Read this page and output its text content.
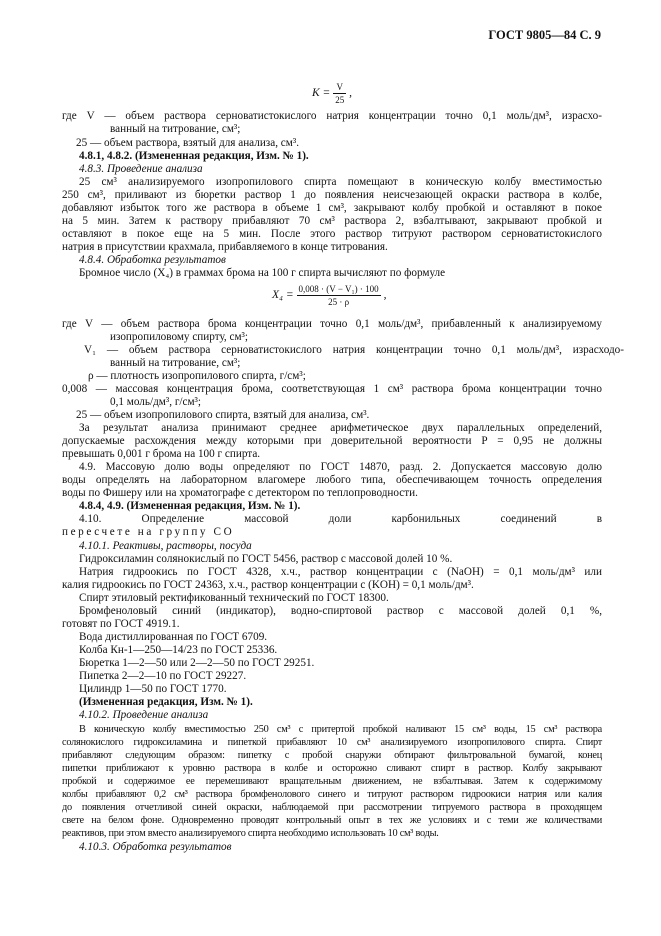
ГОСТ 9805—84 С. 9
$K = \frac{V}{25}$ ,
где V — объем раствора серноватистокислого натрия концентрации точно 0,1 моль/дм³, израсхо-
ванный на титрование, см³;
25 — объем раствора, взятый для анализа, см³.
4.8.1, 4.8.2. (Измененная редакция, Изм. № 1).
4.8.3. Проведение анализа
25 см³ анализируемого изопропилового спирта помещают в коническую колбу вместимостью
250 см³, приливают из бюретки раствор 1 до появления неисчезающей окраски раствора в колбе,
добавляют избыток того же раствора в объеме 1 см³, закрывают колбу пробкой и оставляют в покое
на 5 мин. Затем к раствору прибавляют 70 см³ раствора 2, взбалтывают, закрывают пробкой и
оставляют в покое еще на 5 мин. После этого раствор титруют раствором серноватистокислого
натрия в присутствии крахмала, прибавляемого в конце титрования.
4.8.4. Обработка результатов
Бромное число (X₄) в граммах брома на 100 г спирта вычисляют по формуле
$X_4 = \frac{\text{0,008 · (V − V₁) · 100}}{25 \cdot \rho}$ ,
где V — объем раствора брома концентрации точно 0,1 моль/дм³, прибавленный к анализируемому
изопропиловому спирту, см³;
V₁ — объем раствора серноватистокислого натрия концентрации точно 0,1 моль/дм³, израсходо-
ванный на титрование, см³;
ρ — плотность изопропилового спирта, г/см³;
0,008 — массовая концентрация брома, соответствующая 1 см³ раствора брома концентрации точно
0,1 моль/дм³, г/см³;
25 — объем изопропилового спирта, взятый для анализа, см³.
За результат анализа принимают среднее арифметическое двух параллельных определений,
допускаемые расхождения между которыми при доверительной вероятности P = 0,95 не должны
превышать 0,001 г брома на 100 г спирта.
4.9. Массовую долю воды определяют по ГОСТ 14870, разд. 2. Допускается массовую долю
воды определять на лабораторном влагомере любого типа, обеспечивающем точность определения
воды по Фишеру или на хроматографе с детектором по теплопроводности.
4.8.4, 4.9. (Измененная редакция, Изм. № 1).
4.10. Определение массовой доли карбонильных соединений в
пересчете на группу СО
4.10.1. Реактивы, растворы, посуда
Гидроксиламин солянокислый по ГОСТ 5456, раствор с массовой долей 10 %.
Натрия гидроокись по ГОСТ 4328, х.ч., раствор концентрации c (NaOH) = 0,1 моль/дм³ или
калия гидроокись по ГОСТ 24363, х.ч., раствор концентрации c (KOH) = 0,1 моль/дм³.
Спирт этиловый ректификованный технический по ГОСТ 18300.
Бромфеноловый синий (индикатор), водно-спиртовой раствор с массовой долей 0,1 %,
готовят по ГОСТ 4919.1.
Вода дистиллированная по ГОСТ 6709.
Колба Кн-1—250—14/23 по ГОСТ 25336.
Бюретка 1—2—50 или 2—2—50 по ГОСТ 29251.
Пипетка 2—2—10 по ГОСТ 29227.
Цилиндр 1—50 по ГОСТ 1770.
(Измененная редакция, Изм. № 1).
4.10.2. Проведение анализа
В коническую колбу вместимостью 250 см³ с притертой пробкой наливают 15 см³ воды, 15 см³ раствора
солянокислого гидроксиламина и пипеткой прибавляют 10 см³ анализируемого изопропилового спирта. Спирт
прибавляют следующим образом: пипетку с пробой снаружи обтирают фильтровальной бумагой, конец
пипетки приближают к уровню раствора в колбе и осторожно сливают спирт в раствор. Колбу закрывают
пробкой и содержимое ее перемешивают вращательным движением, не взбалтывая. Затем к содержимому
колбы прибавляют 0,2 см³ раствора бромфенолового синего и титруют раствором гидроокиси натрия или калия
до появления отчетливой синей окраски, наблюдаемой при рассмотрении титруемого раствора в проходящем
свете на белом фоне. Одновременно проводят контрольный опыт в тех же условиях и с теми же количествами
реактивов, при этом вместо анализируемого спирта необходимо использовать 10 см³ воды.
4.10.3. Обработка результатов
